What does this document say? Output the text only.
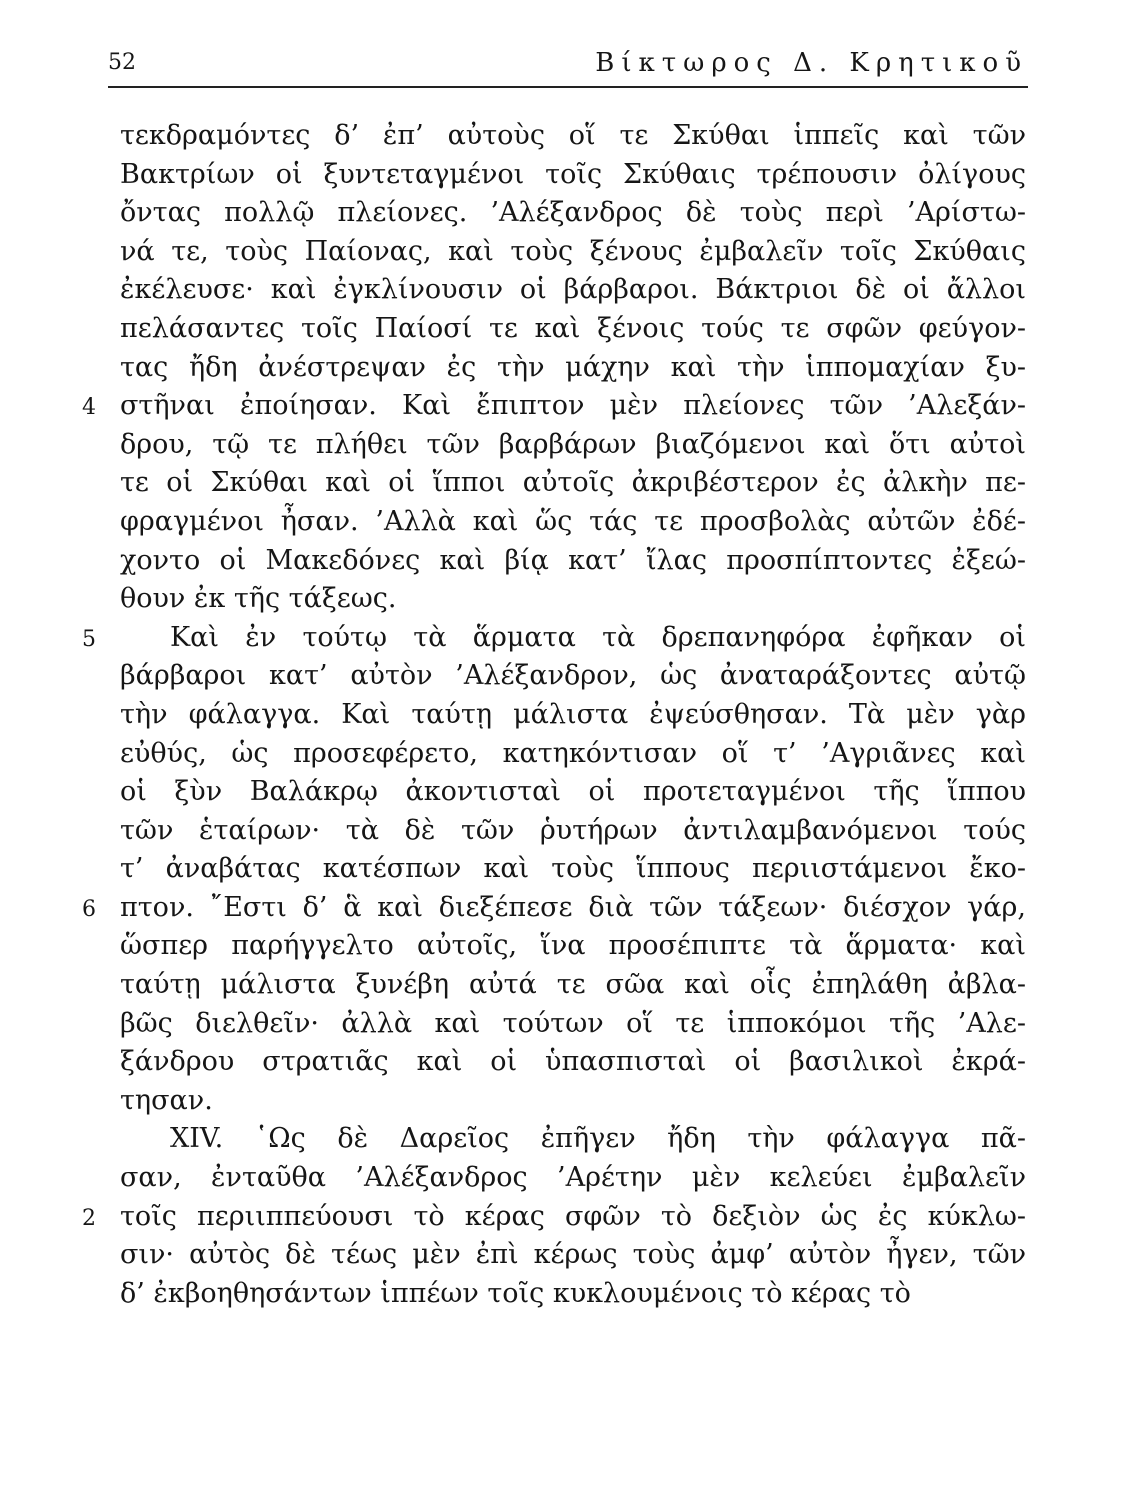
52	Βίκτωρος Δ. Κρητικοῦ
4
5
6
2
τεκδραμόντες δ’ ἐπ’ αὐτοὺς οἵ τε Σκύθαι ἱππεῖς καὶ τῶν
Βακτρίων οἱ ξυντεταγμένοι τοῖς Σκύθαις τρέπουσιν ὀλίγους
ὄντας πολλῷ πλείονες. ’Αλέξανδρος δὲ τοὺς περὶ ’Αρίστω-
νά τε, τοὺς Παίονας, καὶ τοὺς ξένους ἐμβαλεῖν τοῖς Σκύθαις
ἐκέλευσε· καὶ ἐγκλίνουσιν οἱ βάρβαροι. Βάκτριοι δὲ οἱ ἄλλοι
πελάσαντες τοῖς Παίοσί τε καὶ ξένοις τούς τε σφῶν φεύγον-
τας ἤδη ἀνέστρεψαν ἐς τὴν μάχην καὶ τὴν ἱππομαχίαν ξυ-
στῆναι ἐποίησαν. Καὶ ἔπιπτον μὲν πλείονες τῶν ’Αλεξάν-
δρου, τῷ τε πλήθει τῶν βαρβάρων βιαζόμενοι καὶ ὅτι αὐτοὶ
τε οἱ Σκύθαι καὶ οἱ ἵπποι αὐτοῖς ἀκριβέστερον ἐς ἀλκὴν πε-
φραγμένοι ἦσαν. ’Αλλὰ καὶ ὥς τάς τε προσβολὰς αὐτῶν ἐδέ-
χοντο οἱ Μακεδόνες καὶ βίᾳ κατ’ ἴλας προσπίπτοντες ἐξεώ-
θουν ἐκ τῆς τάξεως.
Καὶ ἐν τούτῳ τὰ ἅρματα τὰ δρεπανηφόρα ἐφῆκαν οἱ
βάρβαροι κατ’ αὐτὸν ’Αλέξανδρον, ὡς ἀναταράξοντες αὐτῷ
τὴν φάλαγγα. Καὶ ταύτῃ μάλιστα ἐψεύσθησαν. Τὰ μὲν γὰρ
εὐθύς, ὡς προσεφέρετο, κατηκόντισαν οἵ τ’ ’Αγριᾶνες καὶ
οἱ ξὺν Βαλάκρῳ ἀκοντισταὶ οἱ προτεταγμένοι τῆς ἵππου
τῶν ἑταίρων· τὰ δὲ τῶν ῥυτήρων ἀντιλαμβανόμενοι τούς
τ’ ἀναβάτας κατέσπων καὶ τοὺς ἵππους περιιστάμενοι ἔκο-
πτον. ῎Εστι δ’ ἃ καὶ διεξέπεσε διὰ τῶν τάξεων· διέσχον γάρ,
ὥσπερ παρήγγελτο αὐτοῖς, ἵνα προσέπιπτε τὰ ἅρματα· καὶ
ταύτῃ μάλιστα ξυνέβη αὐτά τε σῶα καὶ οἷς ἐπηλάθη ἀβλα-
βῶς διελθεῖν· ἀλλὰ καὶ τούτων οἵ τε ἱπποκόμοι τῆς ’Αλε-
ξάνδρου στρατιᾶς καὶ οἱ ὑπασπισταὶ οἱ βασιλικοὶ ἐκρά-
τησαν.
XIV. ῾Ως δὲ Δαρεῖος ἐπῆγεν ἤδη τὴν φάλαγγα πᾶ-
σαν, ἐνταῦθα ’Αλέξανδρος ’Αρέτην μὲν κελεύει ἐμβαλεῖν
τοῖς περιιππεύουσι τὸ κέρας σφῶν τὸ δεξιὸν ὡς ἐς κύκλω-
σιν· αὐτὸς δὲ τέως μὲν ἐπὶ κέρως τοὺς ἀμφ’ αὐτὸν ἦγεν, τῶν
δ’ ἐκβοηθησάντων ἱππέων τοῖς κυκλουμένοις τὸ κέρας τὸ
